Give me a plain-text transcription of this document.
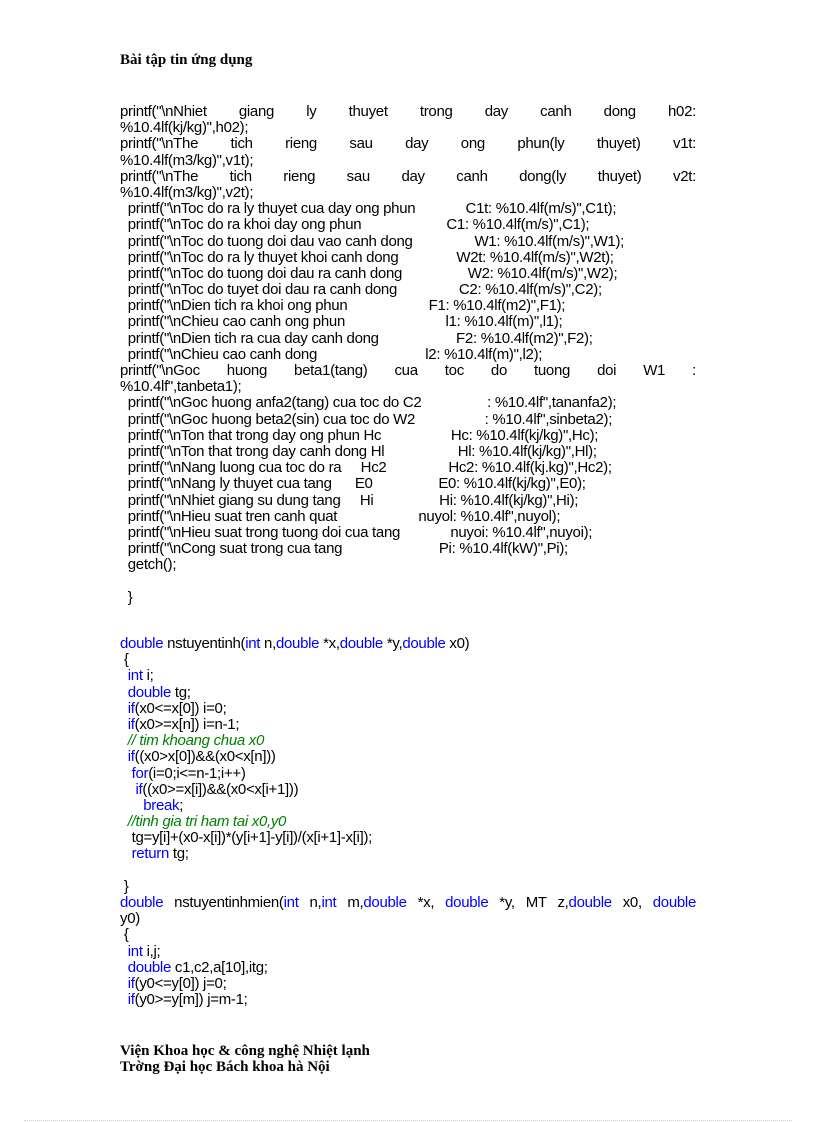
Bài tập tin ứng dụng
printf("\nNhiet giang ly thuyet trong day canh dong h02:
%10.4lf(kj/kg)",h02);
printf("\nThe tich rieng sau day ong phun(ly thuyet) v1t:
%10.4lf(m3/kg)",v1t);
printf("\nThe tich rieng sau day canh dong(ly thuyet) v2t:
%10.4lf(m3/kg)",v2t);
printf("\nToc do ra ly thuyet cua day ong phun             C1t: %10.4lf(m/s)",C1t);
printf("\nToc do ra khoi day ong phun                      C1: %10.4lf(m/s)",C1);
printf("\nToc do tuong doi dau vao canh dong                W1: %10.4lf(m/s)",W1);
printf("\nToc do ra ly thuyet khoi canh dong               W2t: %10.4lf(m/s)",W2t);
printf("\nToc do tuong doi dau ra canh dong                 W2: %10.4lf(m/s)",W2);
printf("\nToc do tuyet doi dau ra canh dong                C2: %10.4lf(m/s)",C2);
printf("\nDien tich ra khoi ong phun                     F1: %10.4lf(m2)",F1);
printf("\nChieu cao canh ong phun                          l1: %10.4lf(m)",l1);
printf("\nDien tich ra cua day canh dong                    F2: %10.4lf(m2)",F2);
printf("\nChieu cao canh dong                            l2: %10.4lf(m)",l2);
printf("\nGoc huong beta1(tang) cua toc do tuong doi W1 :
%10.4lf",tanbeta1);
printf("\nGoc huong anfa2(tang) cua toc do C2                 : %10.4lf",tananfa2);
printf("\nGoc huong beta2(sin) cua toc do W2                  : %10.4lf",sinbeta2);
printf("\nTon that trong day ong phun Hc                  Hc: %10.4lf(kj/kg)",Hc);
printf("\nTon that trong day canh dong Hl                   Hl: %10.4lf(kj/kg)",Hl);
printf("\nNang luong cua toc do ra     Hc2                Hc2: %10.4lf(kj.kg)",Hc2);
printf("\nNang ly thuyet cua tang      E0                 E0: %10.4lf(kj/kg)",E0);
printf("\nNhiet giang su dung tang     Hi                 Hi: %10.4lf(kj/kg)",Hi);
printf("\nHieu suat tren canh quat                     nuyol: %10.4lf",nuyol);
printf("\nHieu suat trong tuong doi cua tang             nuyoi: %10.4lf",nuyoi);
printf("\nCong suat trong cua tang                         Pi: %10.4lf(kW)",Pi);
getch();

}
double nstuyentinh(int n,double *x,double *y,double x0)
{
int i;
double tg;
if(x0<=x[0]) i=0;
if(x0>=x[n]) i=n-1;
// tim khoang chua x0
if((x0>x[0])&&(x0<x[n]))
for(i=0;i<=n-1;i++)
if((x0>=x[i])&&(x0<x[i+1]))
break;
//tinh gia tri ham tai x0,y0
tg=y[i]+(x0-x[i])*(y[i+1]-y[i])/(x[i+1]-x[i]);
return tg;

}
double nstuyentinhmien(int n,int m,double *x, double *y, MT z,double x0, double
y0)
{
int i,j;
double c1,c2,a[10],itg;
if(y0<=y[0]) j=0;
if(y0>=y[m]) j=m-1;
Viện Khoa học & công nghệ Nhiệt lạnh
Trờng Đại học Bách khoa hà Nội
